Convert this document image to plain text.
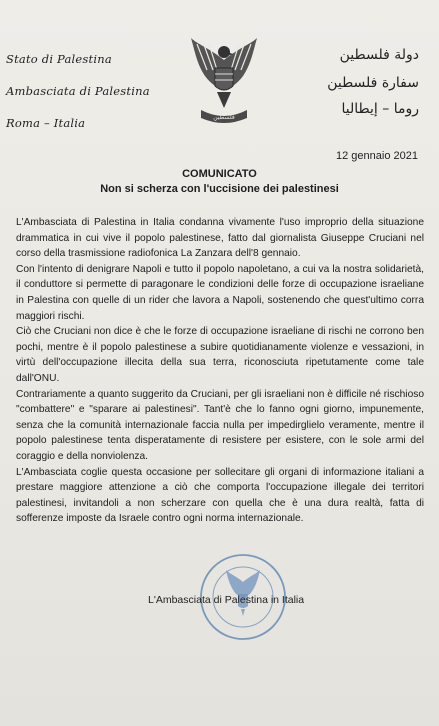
Stato di Palestina
Ambasciata di Palestina
Roma – Italia
دولة فلسطين
سفارة فلسطين
روما – إيطاليا
فلسطين
12 gennaio 2021
COMUNICATO
Non si scherza con l'uccisione dei palestinesi

L'Ambasciata di Palestina in Italia condanna vivamente l'uso improprio della situazione drammatica in cui vive il popolo palestinese, fatto dal giornalista Giuseppe Cruciani nel corso della trasmissione radiofonica La Zanzara dell'8 gennaio.

Con l'intento di denigrare Napoli e tutto il popolo napoletano, a cui va la nostra solidarietà, il conduttore si permette di paragonare le condizioni delle forze di occupazione israeliane in Palestina con quelle di un rider che lavora a Napoli, sostenendo che quest'ultimo corra maggiori rischi.

Ciò che Cruciani non dice è che le forze di occupazione israeliane di rischi ne corrono ben pochi, mentre è il popolo palestinese a subire quotidianamente violenze e vessazioni, in virtù dell'occupazione illecita della sua terra, riconosciuta ripetutamente come tale dall'ONU.

Contrariamente a quanto suggerito da Cruciani, per gli israeliani non è difficile né rischioso "combattere" e "sparare ai palestinesi". Tant'è che lo fanno ogni giorno, impunemente, senza che la comunità internazionale faccia nulla per impedirglielo veramente, mentre il popolo palestinese tenta disperatamente di resistere per esistere, con le sole armi del coraggio e della nonviolenza.

L'Ambasciata coglie questa occasione per sollecitare gli organi di informazione italiani a prestare maggiore attenzione a ciò che comporta l'occupazione illegale dei territori palestinesi, invitandoli a non scherzare con quella che è una dura realtà, fatta di sofferenze imposte da Israele contro ogni norma internazionale.

L'Ambasciata di Palestina in Italia
